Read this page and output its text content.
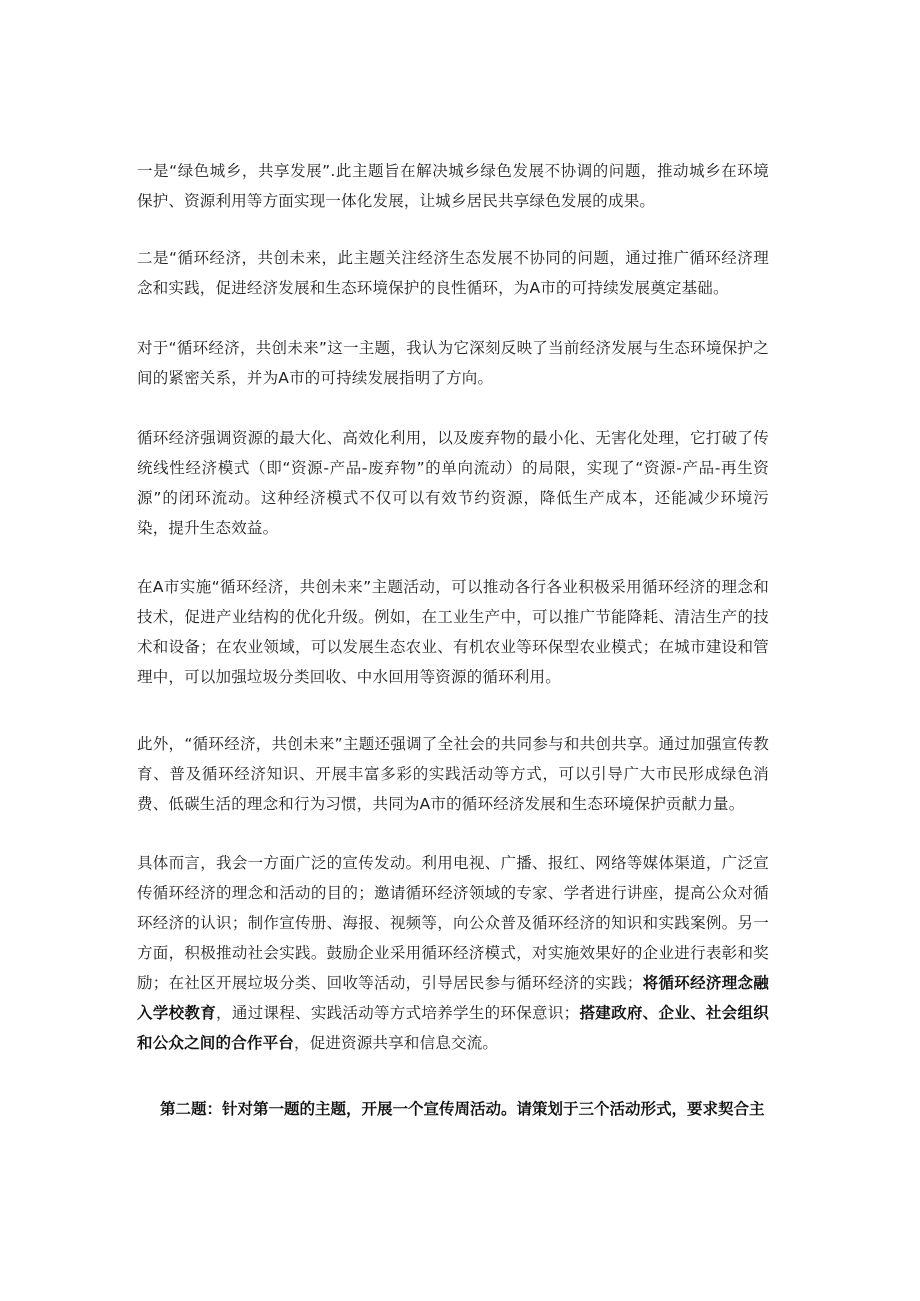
一是“绿色城乡，共享发展”.此主题旨在解决城乡绿色发展不协调的问题，推动城乡在环境保护、资源利用等方面实现一体化发展，让城乡居民共享绿色发展的成果。

二是“循环经济，共创未来，此主题关注经济生态发展不协同的问题，通过推广循环经济理念和实践，促进经济发展和生态环境保护的良性循环，为A市的可持续发展奠定基础。

对于“循环经济，共创未来”这一主题，我认为它深刻反映了当前经济发展与生态环境保护之间的紧密关系，并为A市的可持续发展指明了方向。

循环经济强调资源的最大化、高效化利用，以及废弃物的最小化、无害化处理，它打破了传统线性经济模式（即“资源-产品-废弃物”的单向流动）的局限，实现了“资源-产品-再生资源”的闭环流动。这种经济模式不仅可以有效节约资源，降低生产成本，还能减少环境污染，提升生态效益。

在A市实施“循环经济，共创未来”主题活动，可以推动各行各业积极采用循环经济的理念和技术，促进产业结构的优化升级。例如，在工业生产中，可以推广节能降耗、清洁生产的技术和设备；在农业领域，可以发展生态农业、有机农业等环保型农业模式；在城市建设和管理中，可以加强垃圾分类回收、中水回用等资源的循环利用。

此外，“循环经济，共创未来”主题还强调了全社会的共同参与和共创共享。通过加强宣传教育、普及循环经济知识、开展丰富多彩的实践活动等方式，可以引导广大市民形成绿色消费、低碳生活的理念和行为习惯，共同为A市的循环经济发展和生态环境保护贡献力量。

具体而言，我会一方面广泛的宣传发动。利用电视、广播、报红、网络等媒体渠道，广泛宣传循环经济的理念和活动的目的；邀请循环经济领域的专家、学者进行讲座，提高公众对循环经济的认识；制作宣传册、海报、视频等，向公众普及循环经济的知识和实践案例。另一方面，积极推动社会实践。鼓励企业采用循环经济模式，对实施效果好的企业进行表彰和奖励；在社区开展垃圾分类、回收等活动，引导居民参与循环经济的实践；将循环经济理念融入学校教育，通过课程、实践活动等方式培养学生的环保意识；搭建政府、企业、社会组织和公众之间的合作平台，促进资源共享和信息交流。

第二题：针对第一题的主题，开展一个宣传周活动。请策划于三个活动形式，要求契合主
